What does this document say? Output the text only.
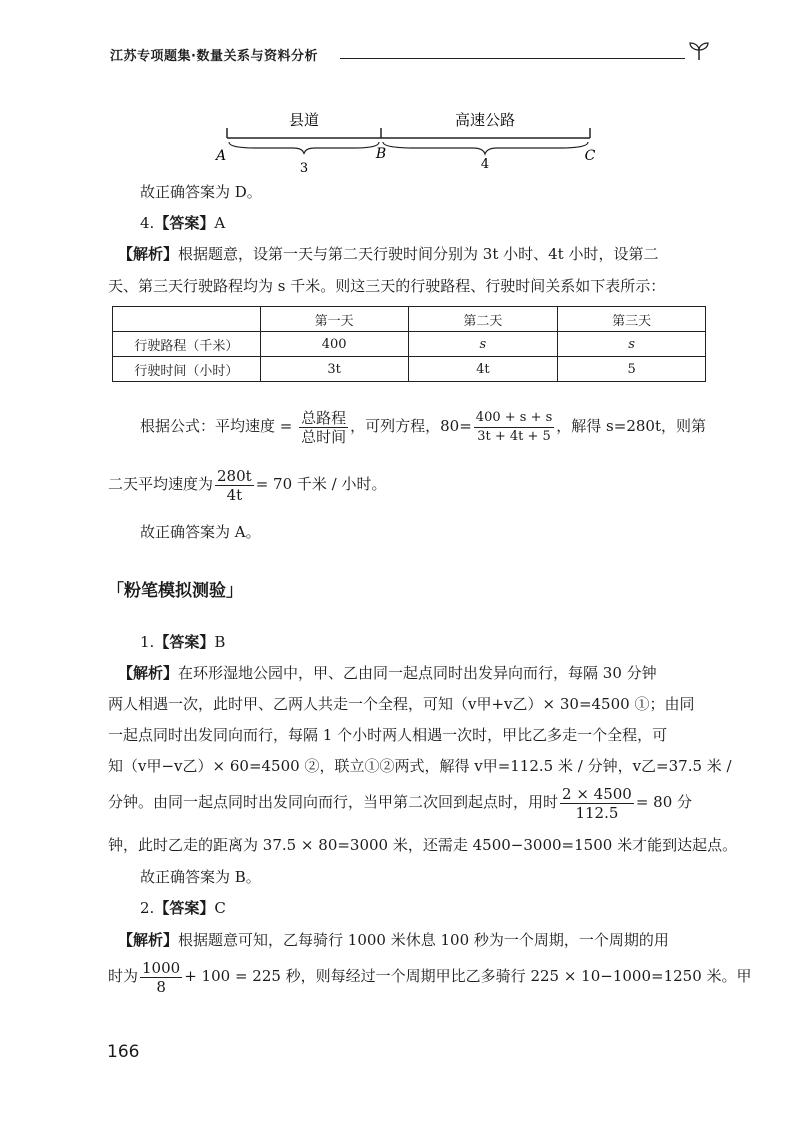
江苏专项题集·数量关系与资料分析
县道	高速公路
A	B	C
3	4
故正确答案为 D。
4.【答案】A
【解析】根据题意，设第一天与第二天行驶时间分别为 3t 小时、4t 小时，设第二
天、第三天行驶路程均为 s 千米。则这三天的行驶路程、行驶时间关系如下表所示：
	第一天	第二天	第三天
行驶路程（千米）	400	s	s
行驶时间（小时）	3t	4t	5
根据公式：平均速度 = $\frac{\text{总路程}}{\text{总时间}}$ ，可列方程，$80= \frac{400 + s + s}{3t + 4t + 5}$ ，解得 s=280t，则第
二天平均速度为 $\frac{280t}{4t} = 70$ 千米 / 小时。
故正确答案为 A。
「粉笔模拟测验」
1.【答案】B
【解析】在环形湿地公园中，甲、乙由同一起点同时出发异向而行，每隔 30 分钟
两人相遇一次，此时甲、乙两人共走一个全程，可知（v甲+v乙）× 30=4500 ①；由同
一起点同时出发同向而行，每隔 1 个小时两人相遇一次时，甲比乙多走一个全程，可
知（v甲−v乙）× 60=4500 ②，联立①②两式，解得 v甲=112.5 米 / 分钟，v乙=37.5 米 /
分钟。由同一起点同时出发同向而行，当甲第二次回到起点时，用时 $\frac{2 \times 4500}{112.5} = 80$ 分
钟，此时乙走的距离为 37.5 × 80=3000 米，还需走 4500−3000=1500 米才能到达起点。
故正确答案为 B。
2.【答案】C
【解析】根据题意可知，乙每骑行 1000 米休息 100 秒为一个周期，一个周期的用
时为 $\frac{1000}{8} + 100 = 225$ 秒，则每经过一个周期甲比乙多骑行 225 × 10−1000=1250 米。甲
166
